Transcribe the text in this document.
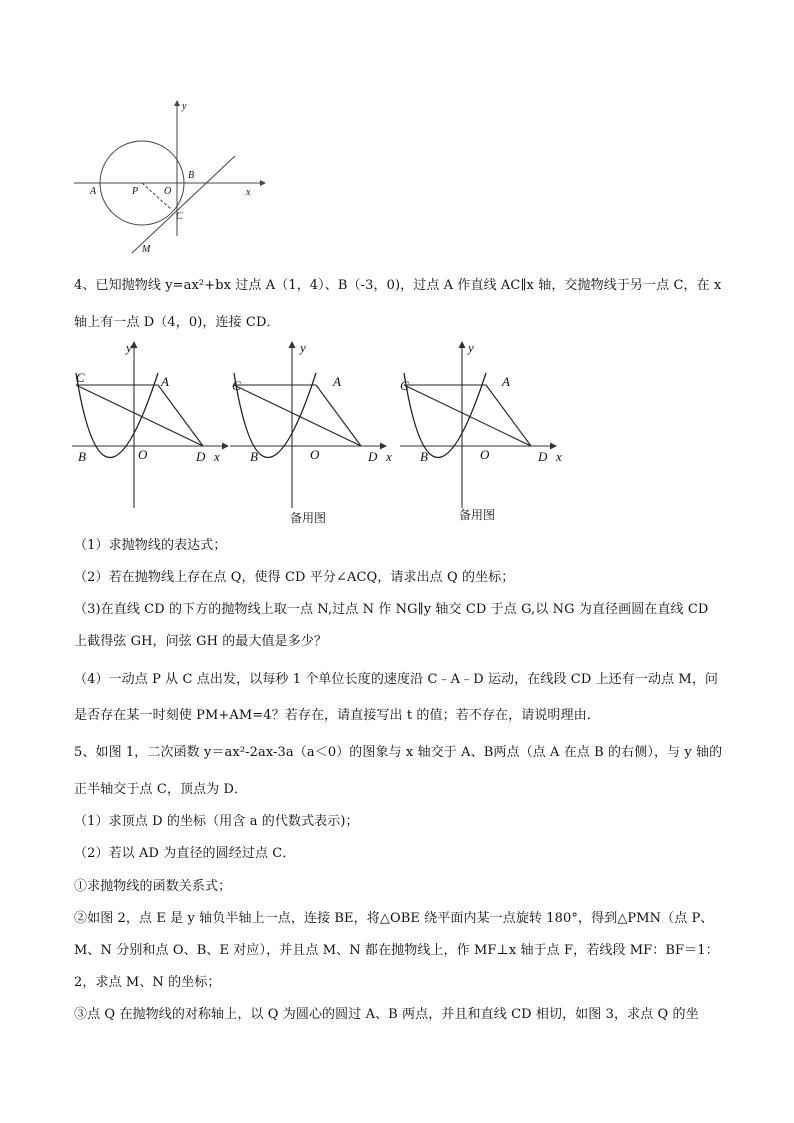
y
x
A	P	O
B
C
M
4、已知抛物线 y=ax²+bx 过点 A（1，4）、B（-3，0)，过点 A 作直线 AC∥x 轴，交抛物线于另一点 C，在 x
轴上有一点 D（4，0)，连接 CD．
y
C	A
B	O	D x
y
C	A
B	O	D x
y
C	A
B	O	D x
备用图	备用图
（1）求抛物线的表达式；
（2）若在抛物线上存在点 Q，使得 CD 平分∠ACQ，请求出点 Q 的坐标；
（3)在直线 CD 的下方的抛物线上取一点 N,过点 N 作 NG∥y 轴交 CD 于点 G,以 NG 为直径画圆在直线 CD
上截得弦 GH，问弦 GH 的最大值是多少？
（4）一动点 P 从 C 点出发，以每秒 1 个单位长度的速度沿 C﹣A﹣D 运动，在线段 CD 上还有一动点 M，问
是否存在某一时刻使 PM+AM=4？若存在，请直接写出 t 的值；若不存在，请说明理由．
5、如图 1，二次函数 y＝ax²-2ax-3a（a＜0）的图象与 x 轴交于 A、B两点（点 A 在点 B 的右侧），与 y 轴的
正半轴交于点 C，顶点为 D．
（1）求顶点 D 的坐标（用含 a 的代数式表示)；
（2）若以 AD 为直径的圆经过点 C．
①求抛物线的函数关系式；
②如图 2，点 E 是 y 轴负半轴上一点，连接 BE，将△OBE 绕平面内某一点旋转 180°，得到△PMN（点 P、
M、N 分别和点 O、B、E 对应），并且点 M、N 都在抛物线上，作 MF⊥x 轴于点 F，若线段 MF：BF＝1：
2，求点 M、N 的坐标；
③点 Q 在抛物线的对称轴上，以 Q 为圆心的圆过 A、B 两点，并且和直线 CD 相切，如图 3，求点 Q 的坐
